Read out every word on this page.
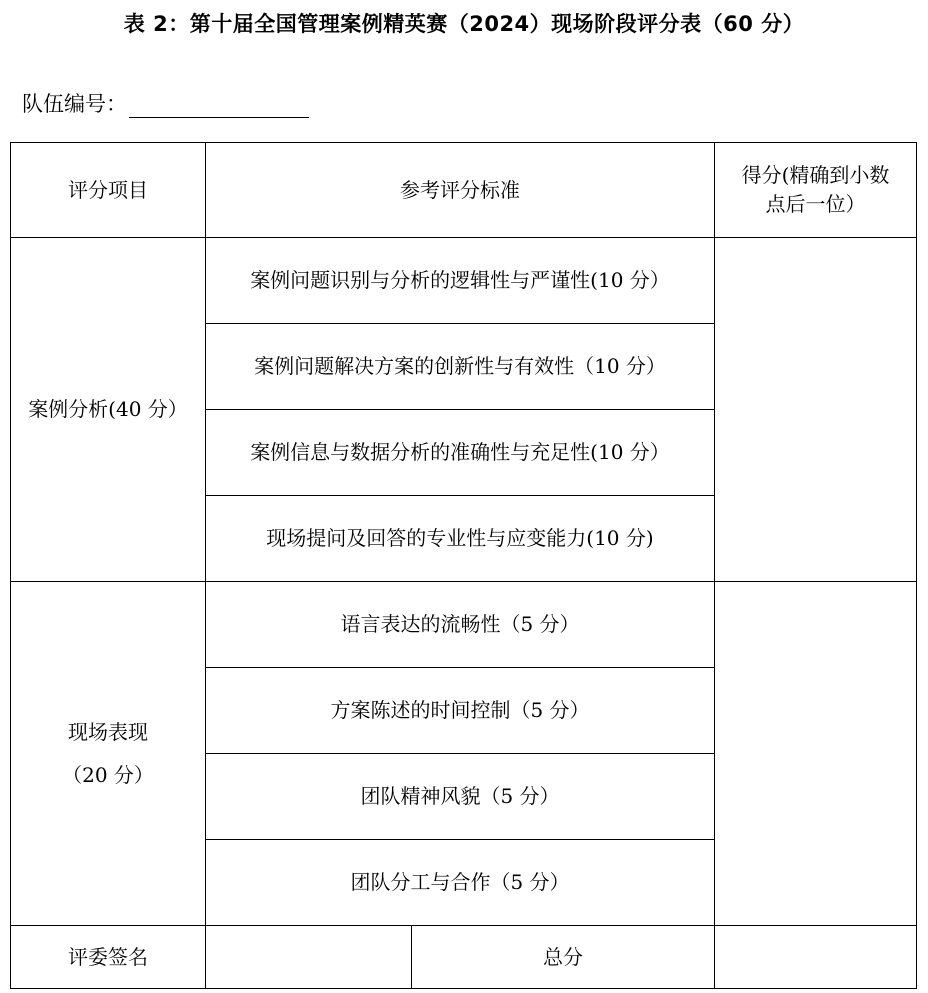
表 2：第十届全国管理案例精英赛（2024）现场阶段评分表（60 分）
队伍编号：
评分项目	参考评分标准		得分(精确到小数
点后一位）

案例分析(40 分）	案例问题识别与分析的逻辑性与严谨性(10 分）		
	案例问题解决方案的创新性与有效性（10 分）		
	案例信息与数据分析的准确性与充足性(10 分）		
	现场提问及回答的专业性与应变能力(10 分)		

现场表现
（20 分）	语言表达的流畅性（5 分）		
	方案陈述的时间控制（5 分）		
	团队精神风貌（5 分）		
	团队分工与合作（5 分）		
评委签名		总分	
